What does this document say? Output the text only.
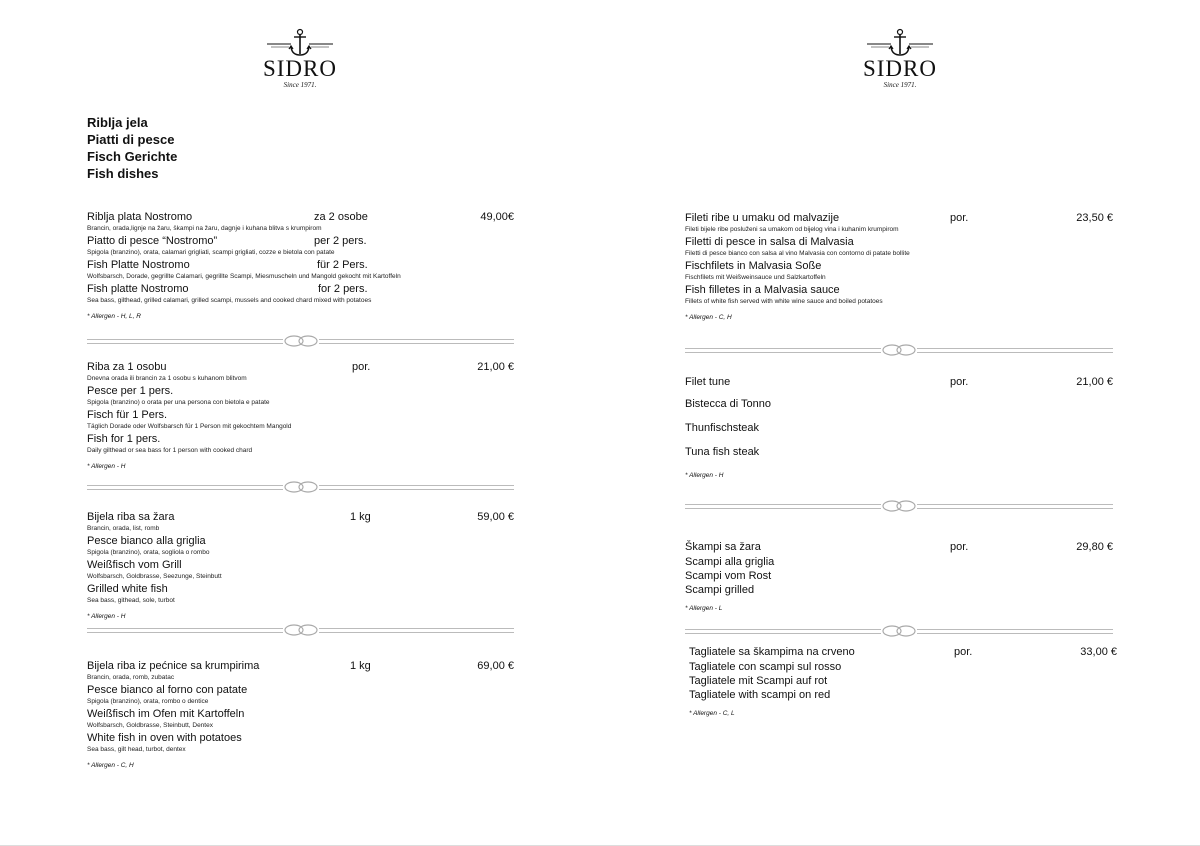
SIDRO
Since 1971.
Riblja jela
Piatti di pesce
Fisch Gerichte
Fish dishes
Riblja plata Nostromo	za 2 osobe	49,00€
Brancin, orada,lignje na žaru, škampi na žaru, dagnje i kuhana blitva s krumpirom
Piatto di pesce “Nostromo”	per 2 pers.
Spigola (branzino), orata, calamari grigliati, scampi grigliati, cozze e bietola con patate
Fish Platte Nostromo	für 2 Pers.
Wolfsbarsch, Dorade, gegrillte Calamari, gegrillte Scampi, Miesmuscheln und Mangold gekocht mit Kartoffeln
Fish platte Nostromo	for 2 pers.
Sea bass, gilthead, grilled calamari, grilled scampi, mussels and cooked chard mixed with potatoes
* Allergen - H, L, R
Riba za 1 osobu	por.	21,00 €
Dnevna orada ili brancin za 1 osobu s kuhanom blitvom
Pesce per 1 pers.
Spigola (branzino) o orata per una persona con bietola e patate
Fisch für 1 Pers.
Täglich Dorade oder Wolfsbarsch für 1 Person mit gekochtem Mangold
Fish for 1 pers.
Daily gilthead or sea bass for 1 person with cooked chard
* Allergen - H
Bijela riba sa žara	1 kg	59,00 €
Brancin, orada, list, romb
Pesce bianco alla griglia
Spigola (branzino), orata, sogliola o rombo
Weißfisch vom Grill
Wolfsbarsch, Goldbrasse, Seezunge, Steinbutt
Grilled white fish
Sea bass, githead, sole, turbot
* Allergen - H
Bijela riba iz pećnice sa krumpirima	1 kg	69,00 €
Brancin, orada, romb, zubatac
Pesce bianco al forno con patate
Spigola (branzino), orata, rombo o dentice
Weißfisch im Ofen mit Kartoffeln
Wolfsbarsch, Goldbrasse, Steinbutt, Dentex
White fish in oven with potatoes
Sea bass, gilt head, turbot, dentex
* Allergen - C, H
SIDRO
Since 1971.
Fileti ribe u umaku od malvazije	por.	23,50 €
Fileti bijele ribe posluženi sa umakom od bijelog vina i kuhanim krumpirom
Filetti di pesce in salsa di Malvasia
Filetti di pesce bianco con salsa al vino Malvasia con contorno di patate bollite
Fischfilets in Malvasia Soße
Fischfilets mit Weißweinsauce und Salzkartoffeln
Fish filletes in a Malvasia sauce
Fillets of white fish served with white wine sauce and boiled potatoes
* Allergen - C, H
Filet tune	por.	21,00 €
Bistecca di Tonno
Thunfischsteak
Tuna fish steak
* Allergen - H
Škampi sa žara	por.	29,80 €
Scampi alla griglia
Scampi vom Rost
Scampi grilled
* Allergen - L
Tagliatele sa škampima na crveno	por.	33,00 €
Tagliatele con scampi sul rosso
Tagliatele mit Scampi auf rot
Tagliatele with scampi on red
* Allergen - C, L
